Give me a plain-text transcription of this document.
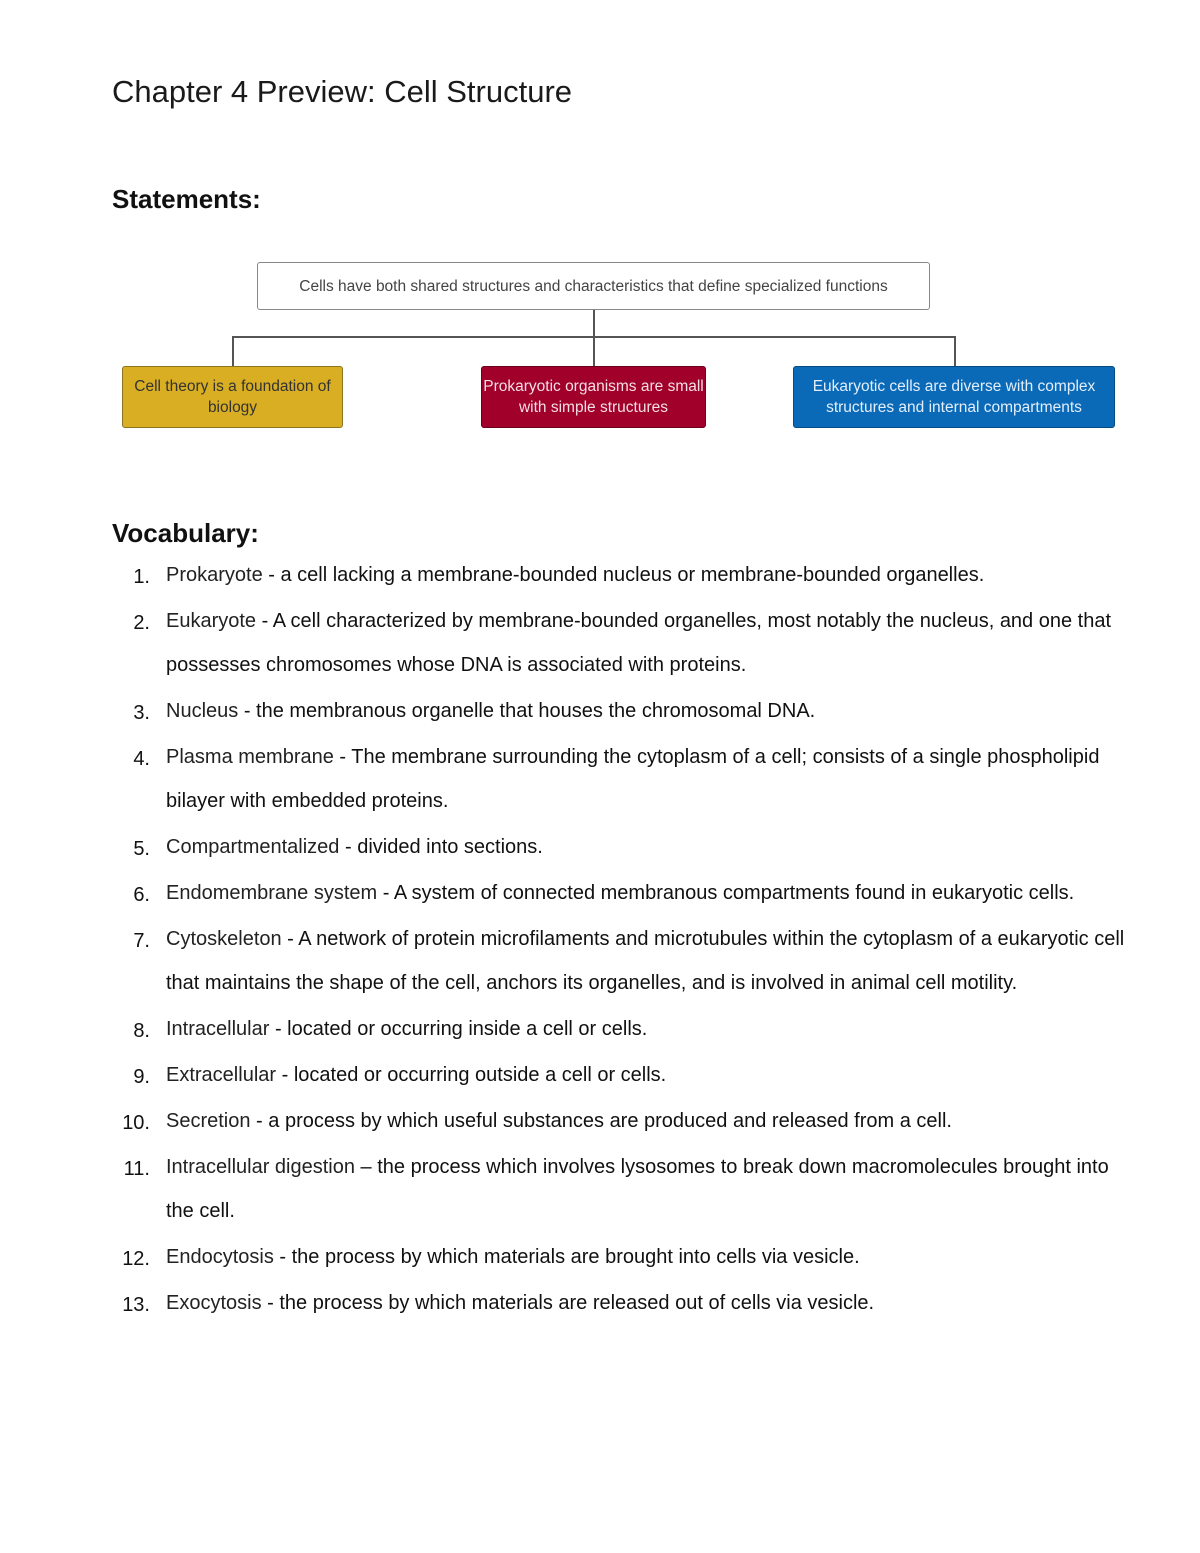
Chapter 4 Preview: Cell Structure
Statements:
Cells have both shared structures and characteristics that define specialized functions
Cell theory is a foundation of biology
Prokaryotic organisms are small with simple structures
Eukaryotic cells are diverse with complex structures and internal compartments
Vocabulary:
1. Prokaryote - a cell lacking a membrane-bounded nucleus or membrane-bounded organelles.
2. Eukaryote - A cell characterized by membrane-bounded organelles, most notably the nucleus, and one that possesses chromosomes whose DNA is associated with proteins.
3. Nucleus - the membranous organelle that houses the chromosomal DNA.
4. Plasma membrane - The membrane surrounding the cytoplasm of a cell; consists of a single phospholipid bilayer with embedded proteins.
5. Compartmentalized - divided into sections.
6. Endomembrane system - A system of connected membranous compartments found in eukaryotic cells.
7. Cytoskeleton - A network of protein microfilaments and microtubules within the cytoplasm of a eukaryotic cell that maintains the shape of the cell, anchors its organelles, and is involved in animal cell motility.
8. Intracellular - located or occurring inside a cell or cells.
9. Extracellular - located or occurring outside a cell or cells.
10. Secretion - a process by which useful substances are produced and released from a cell.
11. Intracellular digestion – the process which involves lysosomes to break down macromolecules brought into the cell.
12. Endocytosis - the process by which materials are brought into cells via vesicle.
13. Exocytosis - the process by which materials are released out of cells via vesicle.
